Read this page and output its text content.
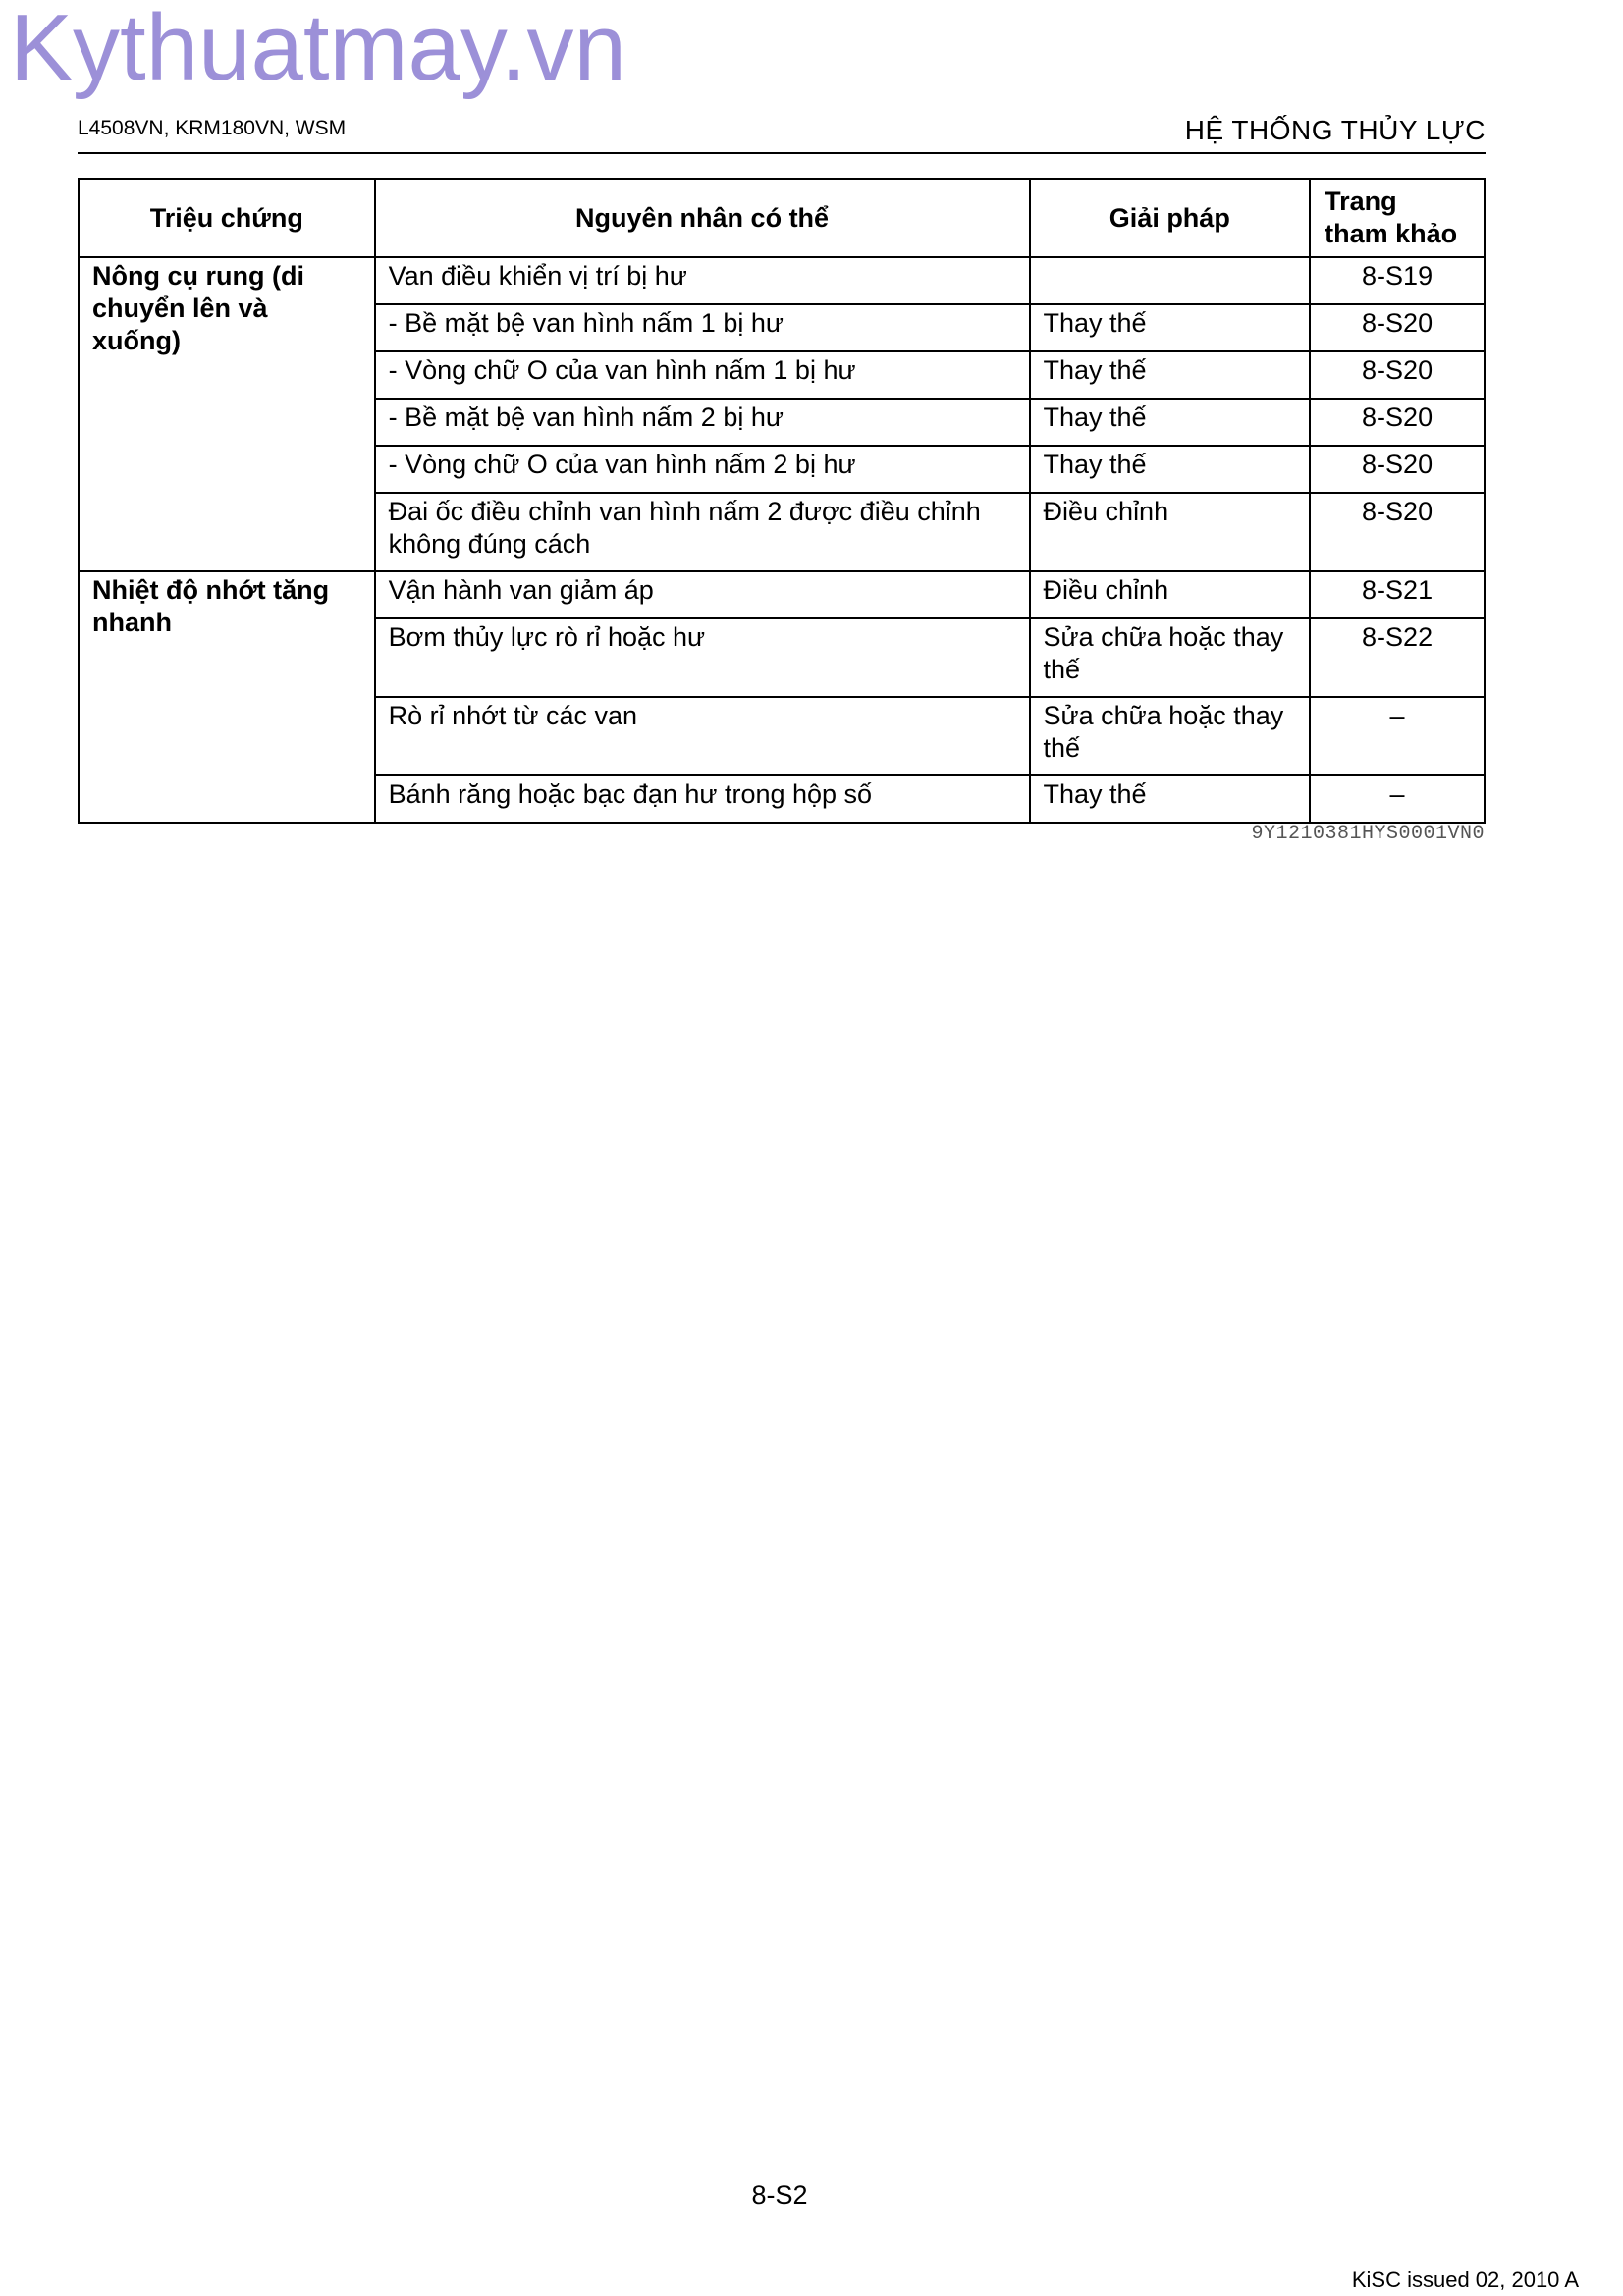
Kythuatmay.vn
L4508VN, KRM180VN, WSM	HỆ THỐNG THỦY LỰC
Triệu chứng	Nguyên nhân có thể	Giải pháp	Trang
tham khảo
Nông cụ rung (di chuyển lên và xuống)	Van điều khiển vị trí bị hư		8-S19
	- Bề mặt bệ van hình nấm 1 bị hư	Thay thế	8-S20
	- Vòng chữ O của van hình nấm 1 bị hư	Thay thế	8-S20
	- Bề mặt bệ van hình nấm 2 bị hư	Thay thế	8-S20
	- Vòng chữ O của van hình nấm 2 bị hư	Thay thế	8-S20
	Đai ốc điều chỉnh van hình nấm 2 được điều chỉnh không đúng cách	Điều chỉnh	8-S20
Nhiệt độ nhớt tăng nhanh	Vận hành van giảm áp	Điều chỉnh	8-S21
	Bơm thủy lực rò rỉ hoặc hư	Sửa chữa hoặc thay thế	8-S22
	Rò rỉ nhớt từ các van	Sửa chữa hoặc thay thế	–
	Bánh răng hoặc bạc đạn hư trong hộp số	Thay thế	–
9Y1210381HYS0001VN0
8-S2
KiSC issued 02, 2010 A
